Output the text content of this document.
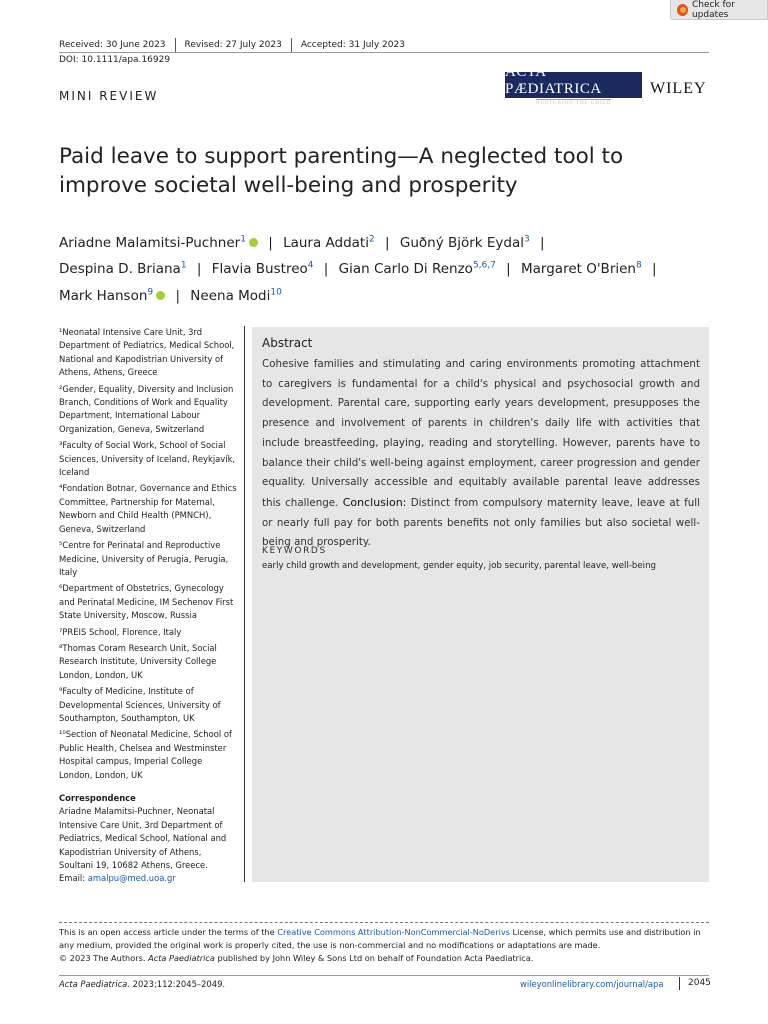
Check for updates
Received: 30 June 2023 Revised: 27 July 2023 Accepted: 31 July 2023
DOI: 10.1111/apa.16929
MINI REVIEW
ACTA PÆDIATRICA
NURTURING THE CHILD
WILEY
Paid leave to support parenting—A neglected tool to improve societal well-being and prosperity
Ariadne Malamitsi-Puchner$^1$ | Laura Addati$^2$ | Guðný Björk Eydal$^3$ |
Despina D. Briana$^1$ | Flavia Bustreo$^4$ | Gian Carlo Di Renzo$^{5,6,7}$ | Margaret O'Brien$^8$ |
Mark Hanson$^9$ | Neena Modi$^{10}$

¹Neonatal Intensive Care Unit, 3rd Department of Pediatrics, Medical School, National and Kapodistrian University of Athens, Athens, Greece

²Gender, Equality, Diversity and Inclusion Branch, Conditions of Work and Equality Department, International Labour Organization, Geneva, Switzerland

³Faculty of Social Work, School of Social Sciences, University of Iceland, Reykjavík, Iceland

⁴Fondation Botnar, Governance and Ethics Committee, Partnership for Maternal, Newborn and Child Health (PMNCH), Geneva, Switzerland

⁵Centre for Perinatal and Reproductive Medicine, University of Perugia, Perugia, Italy

⁶Department of Obstetrics, Gynecology and Perinatal Medicine, IM Sechenov First State University, Moscow, Russia

⁷PREIS School, Florence, Italy

⁸Thomas Coram Research Unit, Social Research Institute, University College London, London, UK

⁹Faculty of Medicine, Institute of Developmental Sciences, University of Southampton, Southampton, UK

¹⁰Section of Neonatal Medicine, School of Public Health, Chelsea and Westminster Hospital campus, Imperial College London, London, UK

Correspondence
Ariadne Malamitsi-Puchner, Neonatal Intensive Care Unit, 3rd Department of Pediatrics, Medical School, National and Kapodistrian University of Athens, Soultani 19, 10682 Athens, Greece.
Email: amalpu@med.uoa.gr
Abstract
Cohesive families and stimulating and caring environments promoting attachment to caregivers is fundamental for a child's physical and psychosocial growth and development. Parental care, supporting early years development, presupposes the presence and involvement of parents in children's daily life with activities that include breastfeeding, playing, reading and storytelling. However, parents have to balance their child's well-being against employment, career progression and gender equality. Universally accessible and equitably available parental leave addresses this challenge. Conclusion: Distinct from compulsory maternity leave, leave at full or nearly full pay for both parents benefits not only families but also societal well-being and prosperity.
KEYWORDS
early child growth and development, gender equity, job security, parental leave, well-being
This is an open access article under the terms of the Creative Commons Attribution-NonCommercial-NoDerivs License, which permits use and distribution in any medium, provided the original work is properly cited, the use is non-commercial and no modifications or adaptations are made.
© 2023 The Authors. Acta Paediatrica published by John Wiley & Sons Ltd on behalf of Foundation Acta Paediatrica.
Acta Paediatrica. 2023;112:2045–2049.	wileyonlinelibrary.com/journal/apa	2045
